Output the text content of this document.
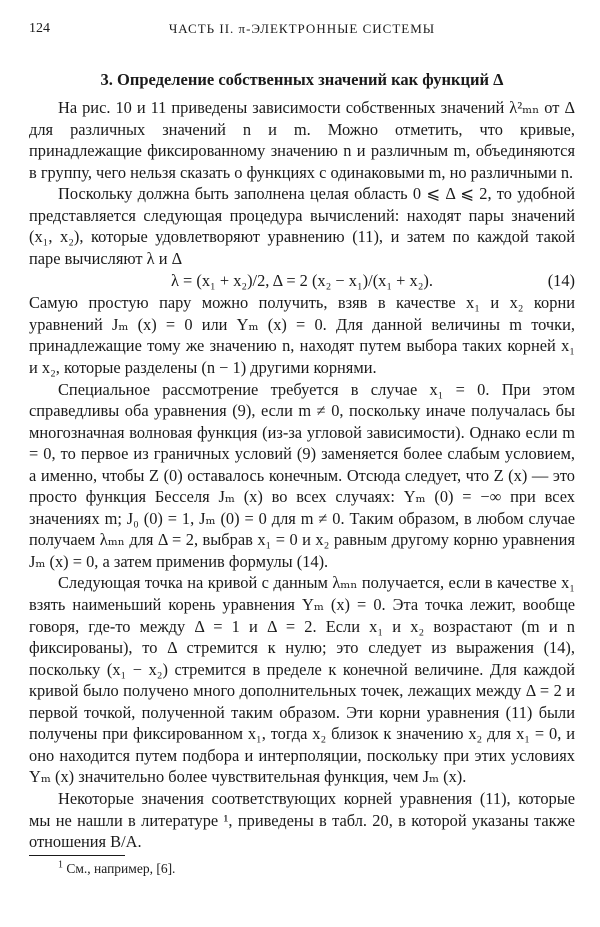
124	ЧАСТЬ II. π-ЭЛЕКТРОННЫЕ СИСТЕМЫ
3. Определение собственных значений как функций Δ

На рис. 10 и 11 приведены зависимости собственных значений λ²ₘₙ от Δ для различных значений n и m. Можно отметить, что кривые, принадлежащие фиксированному значению n и различным m, объединяются в группу, чего нельзя сказать о функциях с одинаковыми m, но различными n.

Поскольку должна быть заполнена целая область 0 ⩽ Δ ⩽ 2, то удобной представляется следующая процедура вычислений: находят пары значений (x₁, x₂), которые удовлетворяют уравнению (11), и затем по каждой такой паре вычисляют λ и Δ

λ = (x₁ + x₂)/2, Δ = 2 (x₂ − x₁)/(x₁ + x₂).	(14)

Самую простую пару можно получить, взяв в качестве x₁ и x₂ корни уравнений Jₘ (x) = 0 или Yₘ (x) = 0. Для данной величины m точки, принадлежащие тому же значению n, находят путем выбора таких корней x₁ и x₂, которые разделены (n − 1) другими корнями.

Специальное рассмотрение требуется в случае x₁ = 0. При этом справедливы оба уравнения (9), если m ≠ 0, поскольку иначе получалась бы многозначная волновая функция (из-за угловой зависимости). Однако если m = 0, то первое из граничных условий (9) заменяется более слабым условием, а именно, чтобы Z (0) оставалось конечным. Отсюда следует, что Z (x) — это просто функция Бесселя Jₘ (x) во всех случаях: Yₘ (0) = −∞ при всех значениях m; J₀ (0) = 1, Jₘ (0) = 0 для m ≠ 0. Таким образом, в любом случае получаем λₘₙ для Δ = 2, выбрав x₁ = 0 и x₂ равным другому корню уравнения Jₘ (x) = 0, а затем применив формулы (14).

Следующая точка на кривой с данным λₘₙ получается, если в качестве x₁ взять наименьший корень уравнения Yₘ (x) = 0. Эта точка лежит, вообще говоря, где-то между Δ = 1 и Δ = 2. Если x₁ и x₂ возрастают (m и n фиксированы), то Δ стремится к нулю; это следует из выражения (14), поскольку (x₁ − x₂) стремится в пределе к конечной величине. Для каждой кривой было получено много дополнительных точек, лежащих между Δ = 2 и первой точкой, полученной таким образом. Эти корни уравнения (11) были получены при фиксированном x₁, тогда x₂ близок к значению x₂ для x₁ = 0, и оно находится путем подбора и интерполяции, поскольку при этих условиях Yₘ (x) значительно более чувствительная функция, чем Jₘ (x).

Некоторые значения соответствующих корней уравнения (11), которые мы не нашли в литературе ¹, приведены в табл. 20, в которой указаны также отношения B/A.

$^1$ См., например, [6].
